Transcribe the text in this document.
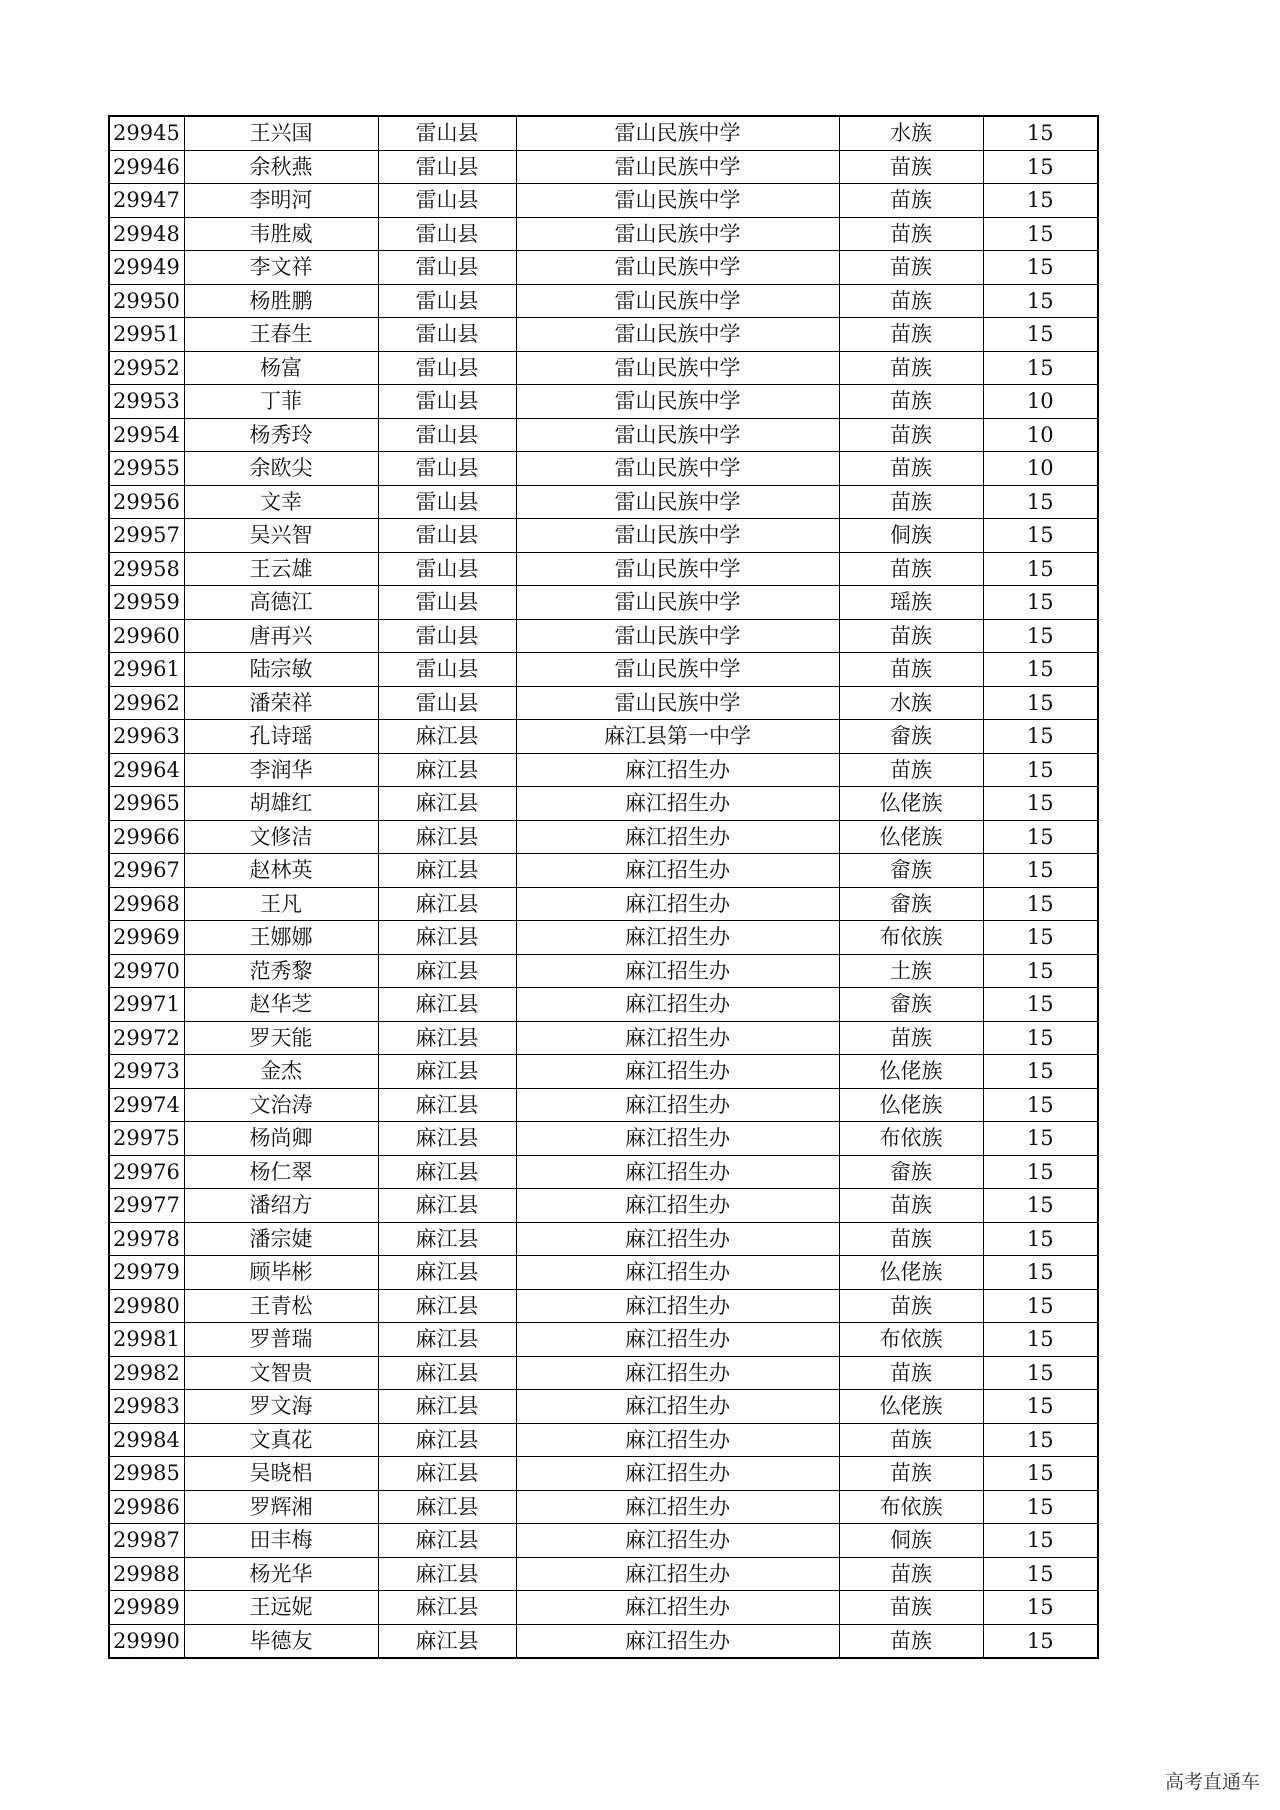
29945	王兴国	雷山县	雷山民族中学	水族	15
29946	余秋燕	雷山县	雷山民族中学	苗族	15
29947	李明河	雷山县	雷山民族中学	苗族	15
29948	韦胜威	雷山县	雷山民族中学	苗族	15
29949	李文祥	雷山县	雷山民族中学	苗族	15
29950	杨胜鹏	雷山县	雷山民族中学	苗族	15
29951	王春生	雷山县	雷山民族中学	苗族	15
29952	杨富	雷山县	雷山民族中学	苗族	15
29953	丁菲	雷山县	雷山民族中学	苗族	10
29954	杨秀玲	雷山县	雷山民族中学	苗族	10
29955	余欧尖	雷山县	雷山民族中学	苗族	10
29956	文幸	雷山县	雷山民族中学	苗族	15
29957	吴兴智	雷山县	雷山民族中学	侗族	15
29958	王云雄	雷山县	雷山民族中学	苗族	15
29959	高德江	雷山县	雷山民族中学	瑶族	15
29960	唐再兴	雷山县	雷山民族中学	苗族	15
29961	陆宗敏	雷山县	雷山民族中学	苗族	15
29962	潘荣祥	雷山县	雷山民族中学	水族	15
29963	孔诗瑶	麻江县	麻江县第一中学	畲族	15
29964	李润华	麻江县	麻江招生办	苗族	15
29965	胡雄红	麻江县	麻江招生办	仫佬族	15
29966	文修洁	麻江县	麻江招生办	仫佬族	15
29967	赵林英	麻江县	麻江招生办	畲族	15
29968	王凡	麻江县	麻江招生办	畲族	15
29969	王娜娜	麻江县	麻江招生办	布依族	15
29970	范秀黎	麻江县	麻江招生办	土族	15
29971	赵华芝	麻江县	麻江招生办	畲族	15
29972	罗天能	麻江县	麻江招生办	苗族	15
29973	金杰	麻江县	麻江招生办	仫佬族	15
29974	文治涛	麻江县	麻江招生办	仫佬族	15
29975	杨尚卿	麻江县	麻江招生办	布依族	15
29976	杨仁翠	麻江县	麻江招生办	畲族	15
29977	潘绍方	麻江县	麻江招生办	苗族	15
29978	潘宗婕	麻江县	麻江招生办	苗族	15
29979	顾毕彬	麻江县	麻江招生办	仫佬族	15
29980	王青松	麻江县	麻江招生办	苗族	15
29981	罗普瑞	麻江县	麻江招生办	布依族	15
29982	文智贵	麻江县	麻江招生办	苗族	15
29983	罗文海	麻江县	麻江招生办	仫佬族	15
29984	文真花	麻江县	麻江招生办	苗族	15
29985	吴晓梠	麻江县	麻江招生办	苗族	15
29986	罗辉湘	麻江县	麻江招生办	布依族	15
29987	田丰梅	麻江县	麻江招生办	侗族	15
29988	杨光华	麻江县	麻江招生办	苗族	15
29989	王远妮	麻江县	麻江招生办	苗族	15
29990	毕德友	麻江县	麻江招生办	苗族	15
高考直通车
